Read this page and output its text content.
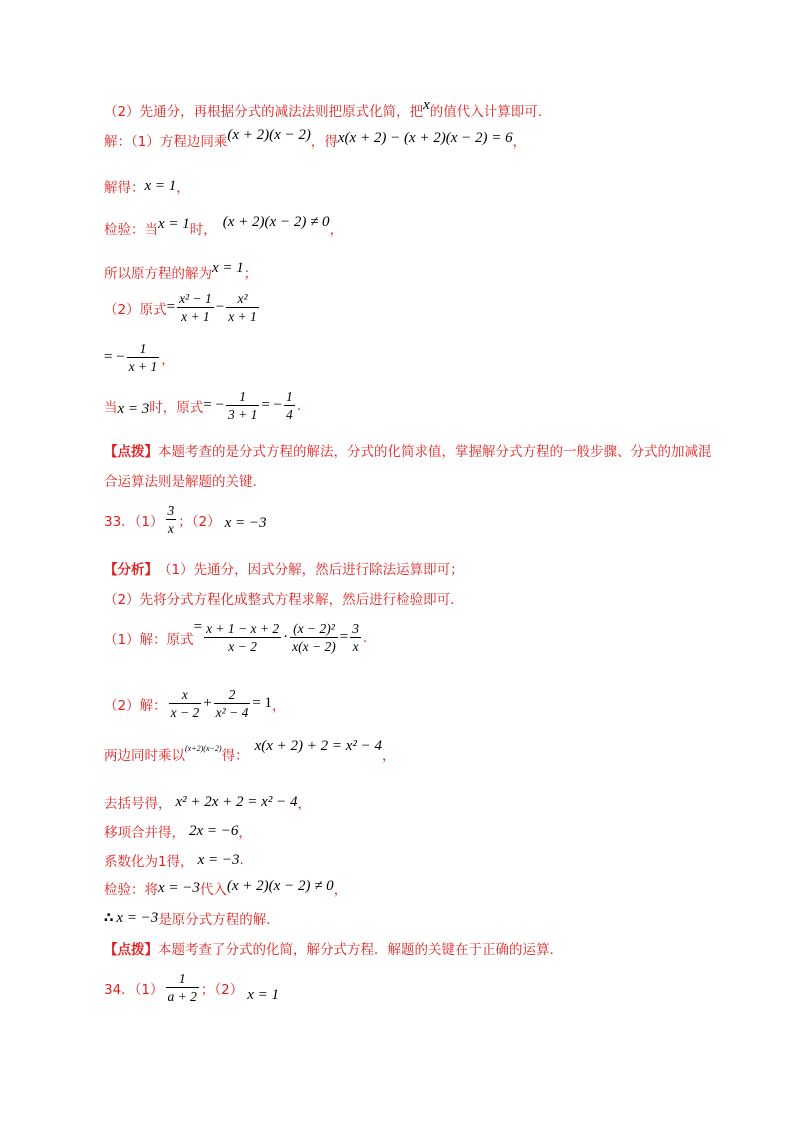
（2）先通分，再根据分式的减法法则把原式化简，把 x 的值代入计算即可.
解：（1）方程边同乘 (x + 2)(x − 2) ，得 x(x + 2) − (x + 2)(x − 2) = 6 ，
解得： x = 1 ，
检验：当 x = 1 时，
(x + 2)(x − 2) ≠ 0
，
所以原方程的解为 x = 1 ；
（2）原式 = $\frac{\text{x² − 1}}{x + 1} - \frac{\text{x²}}{x + 1}$
= − $\frac{1}{x + 1}$ ，
当 x = 3 时，原式 = − $\frac{1}{3 + 1}$ = − $\frac{1}{4}$ .
【点拨】本题考查的是分式方程的解法，分式的化简求值，掌握解分式方程的一般步骤、分式的加减混合运算法则是解题的关键.
33．$(1) \frac{3}{x}$ ；（2） x = −3
【分析】 （1）先通分，因式分解，然后进行除法运算即可；
（2）先将分式方程化成整式方程求解，然后进行检验即可.
（1）解：原式
= $\frac{x + 1 - x + 2}{x - 2} \cdot \frac{\text{(x − 2)²}}{x(x - 2)} = \frac{3}{x}$ .
（2）解： $\frac{x}{x - 2} + \frac{2}{\text{x² − 4}} = 1$ ，
两边同时乘以 (x+2)(x−2) 得：
x(x + 2) + 2 = x² − 4
，
去括号得， x² + 2x + 2 = x² − 4 ，
移项合并得， 2x = −6 ，
系数化为1得， x = −3 .
检验：将 x = −3 代入 (x + 2)(x − 2) ≠ 0 ，
∴ x = −3 是原分式方程的解.
【点拨】 本题考查了分式的化简，解分式方程．解题的关键在于正确的运算.
34．$(1) \frac{1}{a + 2}$ ；（2） x = 1
